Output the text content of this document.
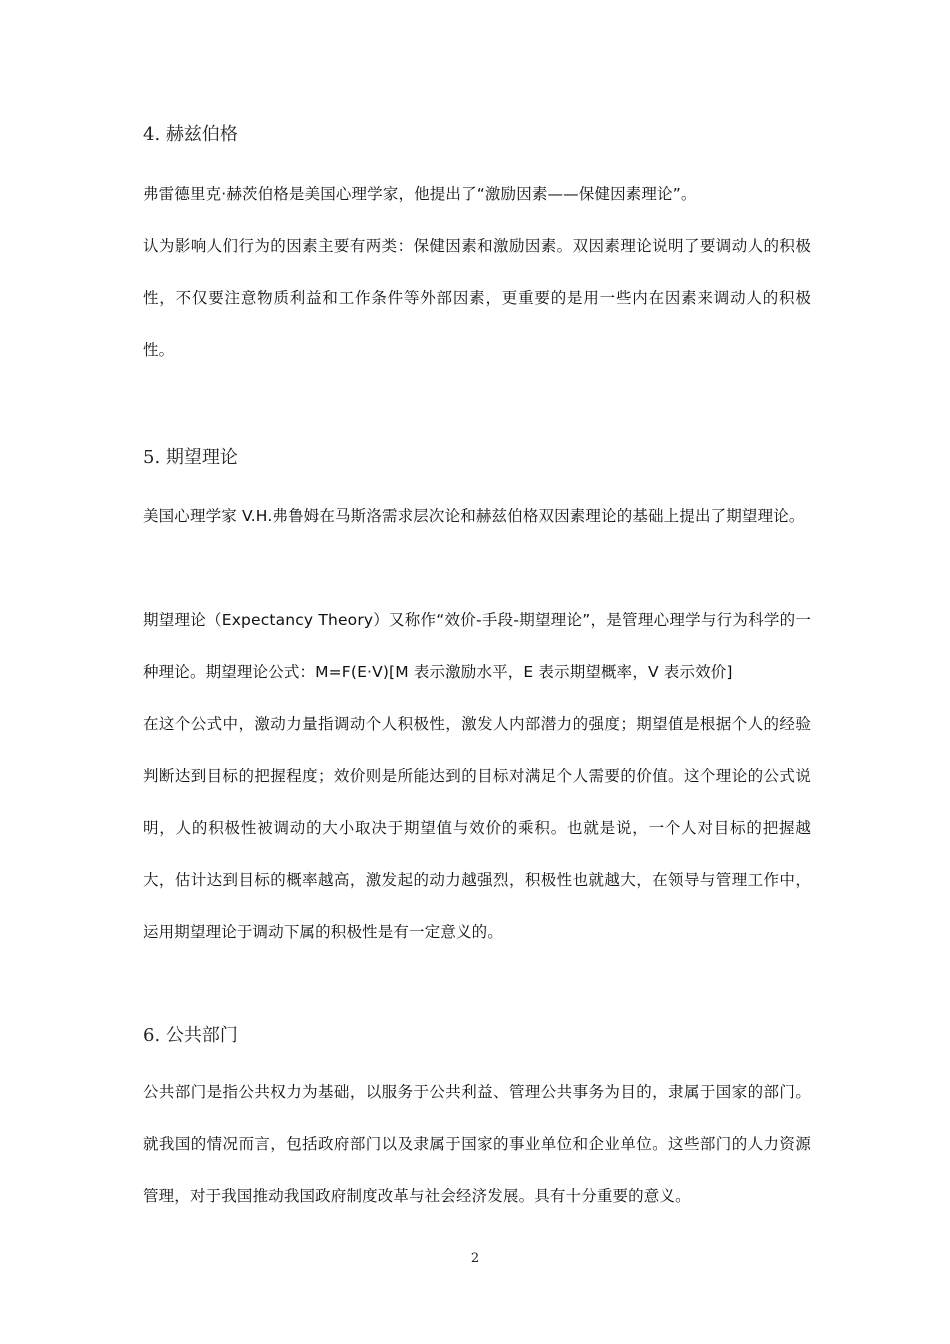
4. 赫兹伯格

弗雷德里克·赫茨伯格是美国心理学家，他提出了“激励因素——保健因素理论”。

认为影响人们行为的因素主要有两类：保健因素和激励因素。双因素理论说明了要调动人的积极性，不仅要注意物质利益和工作条件等外部因素，更重要的是用一些内在因素来调动人的积极性。

5. 期望理论

美国心理学家 V.H.弗鲁姆在马斯洛需求层次论和赫兹伯格双因素理论的基础上提出了期望理论。

期望理论（Expectancy Theory）又称作“效价-手段-期望理论”，是管理心理学与行为科学的一种理论。期望理论公式：M=F(E·V)[M 表示激励水平，E 表示期望概率，V 表示效价]

在这个公式中，激动力量指调动个人积极性，激发人内部潜力的强度；期望值是根据个人的经验判断达到目标的把握程度；效价则是所能达到的目标对满足个人需要的价值。这个理论的公式说明，人的积极性被调动的大小取决于期望值与效价的乘积。也就是说，一个人对目标的把握越大，估计达到目标的概率越高，激发起的动力越强烈，积极性也就越大，在领导与管理工作中，运用期望理论于调动下属的积极性是有一定意义的。

6. 公共部门

公共部门是指公共权力为基础，以服务于公共利益、管理公共事务为目的，隶属于国家的部门。就我国的情况而言，包括政府部门以及隶属于国家的事业单位和企业单位。这些部门的人力资源管理，对于我国推动我国政府制度改革与社会经济发展。具有十分重要的意义。

2
